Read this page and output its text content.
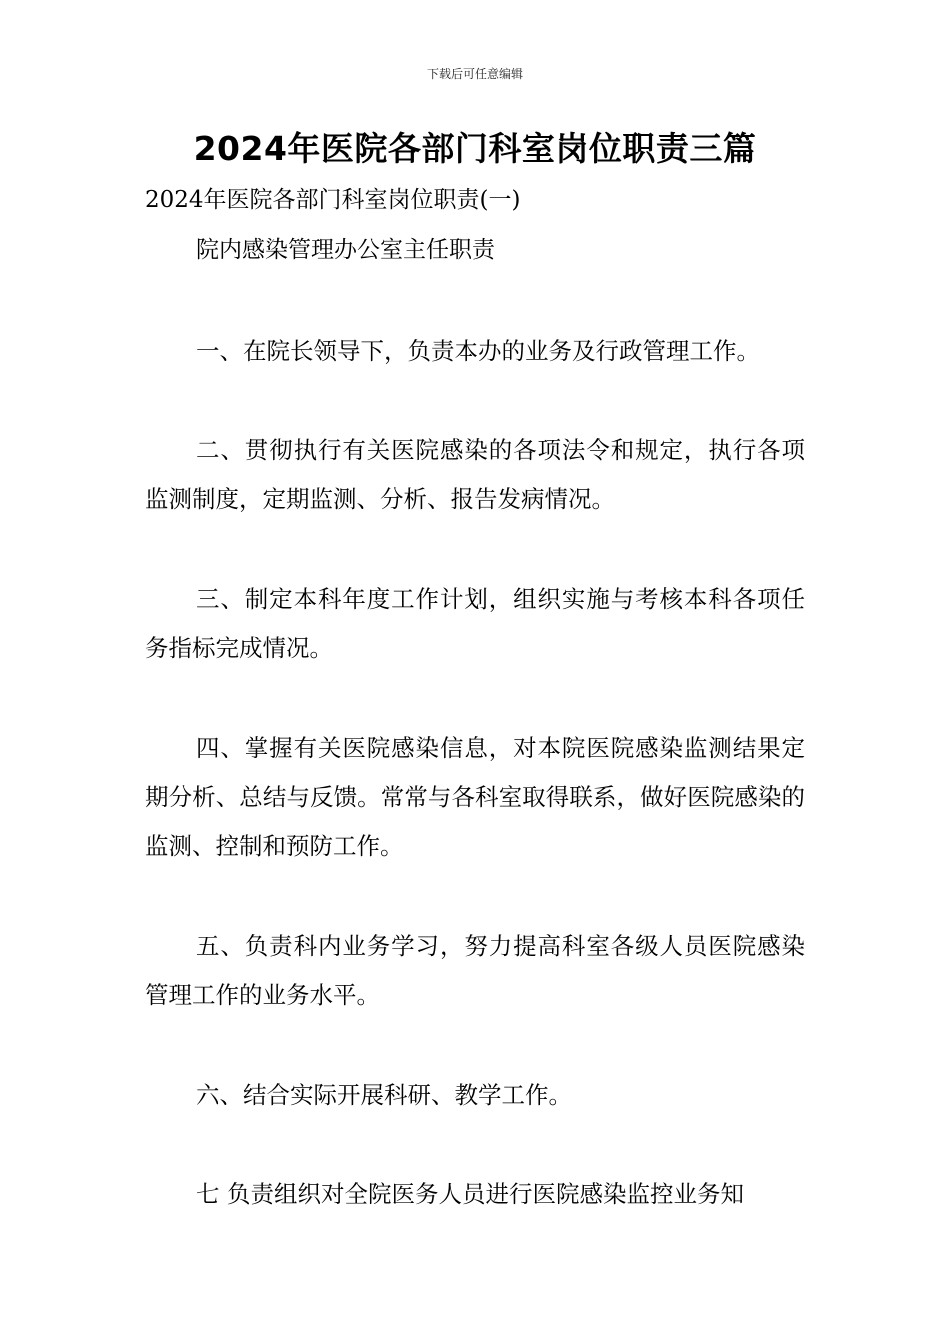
下载后可任意编辑
2024年医院各部门科室岗位职责三篇
2024年医院各部门科室岗位职责(一)
院内感染管理办公室主任职责

一、在院长领导下，负责本办的业务及行政管理工作。

二、贯彻执行有关医院感染的各项法令和规定，执行各项监测制度，定期监测、分析、报告发病情况。

三、制定本科年度工作计划，组织实施与考核本科各项任务指标完成情况。

四、掌握有关医院感染信息，对本院医院感染监测结果定期分析、总结与反馈。常常与各科室取得联系，做好医院感染的监测、控制和预防工作。

五、负责科内业务学习，努力提高科室各级人员医院感染管理工作的业务水平。

六、结合实际开展科研、教学工作。

七 负责组织对全院医务人员进行医院感染监控业务知
